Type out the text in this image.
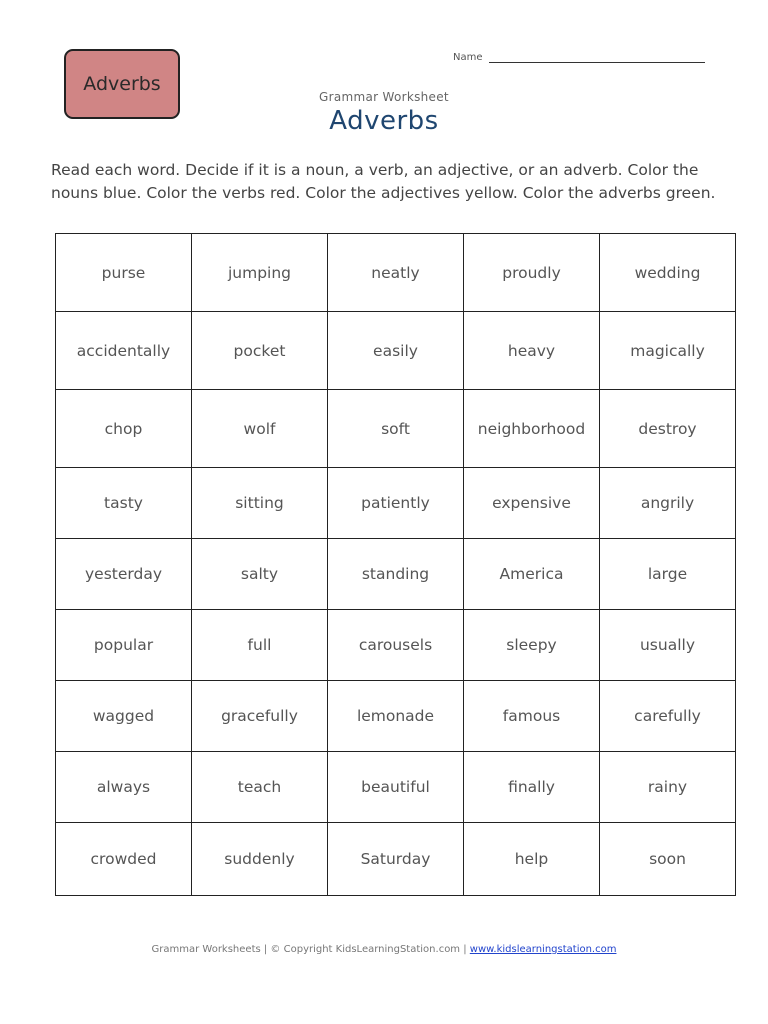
Adverbs
Name
Grammar Worksheet
Adverbs
Read each word. Decide if it is a noun, a verb, an adjective, or an adverb. Color the nouns blue. Color the verbs red. Color the adjectives yellow. Color the adverbs green.
purse	jumping	neatly	proudly	wedding
accidentally	pocket	easily	heavy	magically
chop	wolf	soft	neighborhood	destroy
tasty	sitting	patiently	expensive	angrily
yesterday	salty	standing	America	large
popular	full	carousels	sleepy	usually
wagged	gracefully	lemonade	famous	carefully
always	teach	beautiful	finally	rainy
crowded	suddenly	Saturday	help	soon
Grammar Worksheets | © Copyright KidsLearningStation.com | www.kidslearningstation.com
